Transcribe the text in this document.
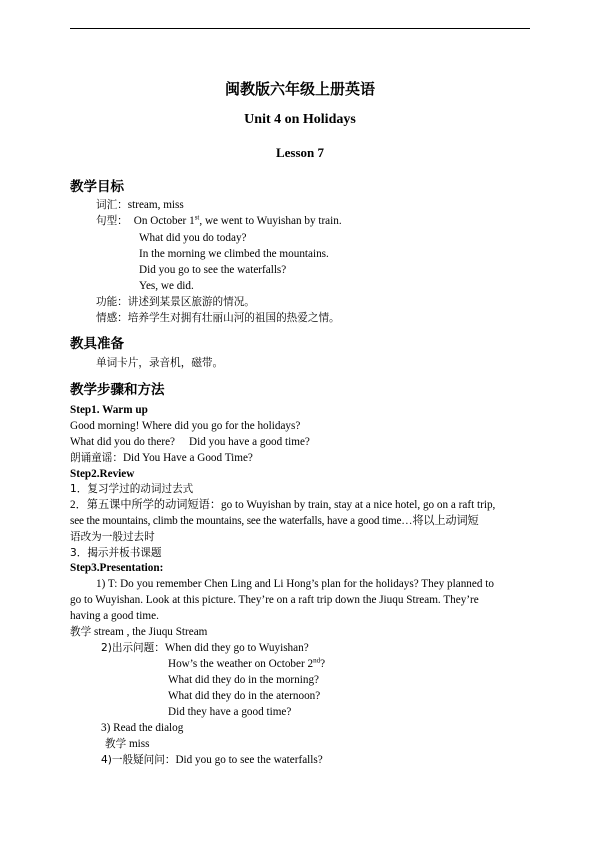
闽教版六年级上册英语
Unit 4 on Holidays
Lesson 7
教学目标
词汇：stream, miss
句型： On October 1st, we went to Wuyishan by train.
What did you do today?
In the morning we climbed the mountains.
Did you go to see the waterfalls?
Yes, we did.
功能：讲述到某景区旅游的情况。
情感：培养学生对拥有壮丽山河的祖国的热爱之情。
教具准备
单词卡片，录音机，磁带。
教学步骤和方法
Step1. Warm up
Good morning! Where did you go for the holidays?
What did you do there? Did you have a good time?
朗诵童谣：Did You Have a Good Time?
Step2.Review
1．复习学过的动词过去式
2．第五课中所学的动词短语：go to Wuyishan by train, stay at a nice hotel, go on a raft trip,
see the mountains, climb the mountains, see the waterfalls, have a good time…将以上动词短
语改为一般过去时
3．揭示并板书课题
Step3.Presentation:
1) T: Do you remember Chen Ling and Li Hong’s plan for the holidays? They planned to
go to Wuyishan. Look at this picture. They’re on a raft trip down the Jiuqu Stream. They’re
having a good time.
教学 stream , the Jiuqu Stream
2)出示问题：When did they go to Wuyishan?
How’s the weather on October 2nd?
What did they do in the morning?
What did they do in the aternoon?
Did they have a good time?
3) Read the dialog
教学 miss
4)一般疑问问：Did you go to see the waterfalls?
